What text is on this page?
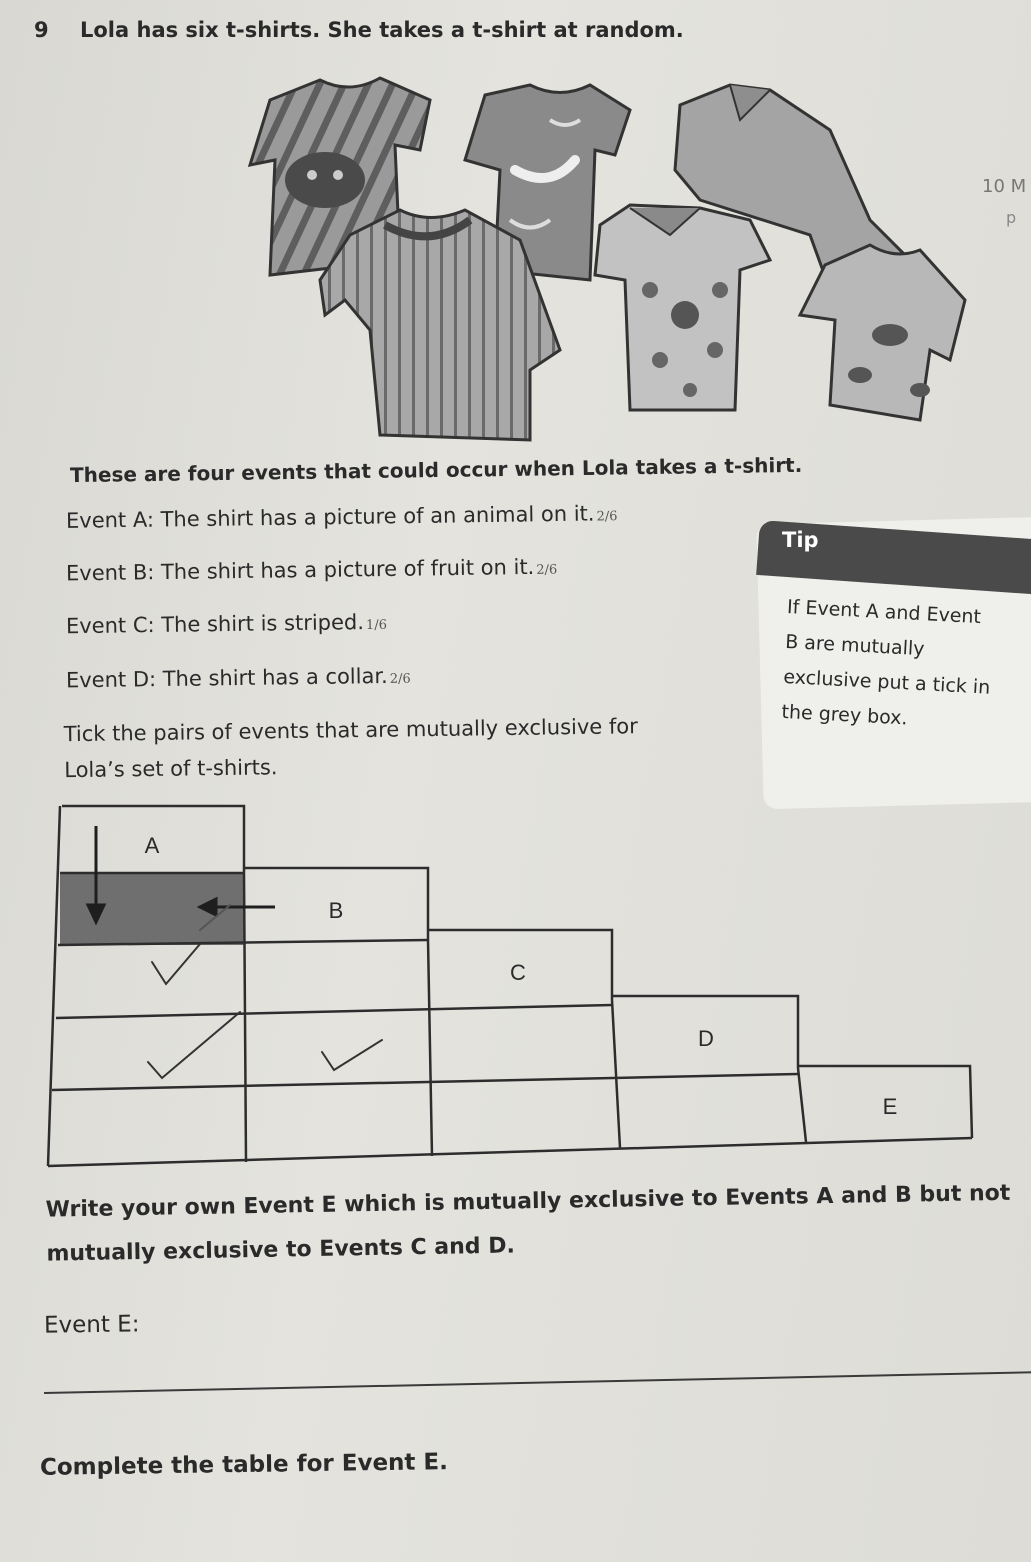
9 Lola has six t-shirts. She takes a t-shirt at random.
10 M
p
These are four events that could occur when Lola takes a t-shirt.
Event A: The shirt has a picture of an animal on it. 2/6
Event B: The shirt has a picture of fruit on it. 2/6
Event C: The shirt is striped. 1/6
Event D: The shirt has a collar. 2/6
Tick the pairs of events that are mutually exclusive for Lola’s set of t-shirts.
Tip
If Event A and Event B are mutually exclusive put a tick in the grey box.
A
B
C
D
E
Write your own Event E which is mutually exclusive to Events A and B but not mutually exclusive to Events C and D.
Event E:
Complete the table for Event E.
